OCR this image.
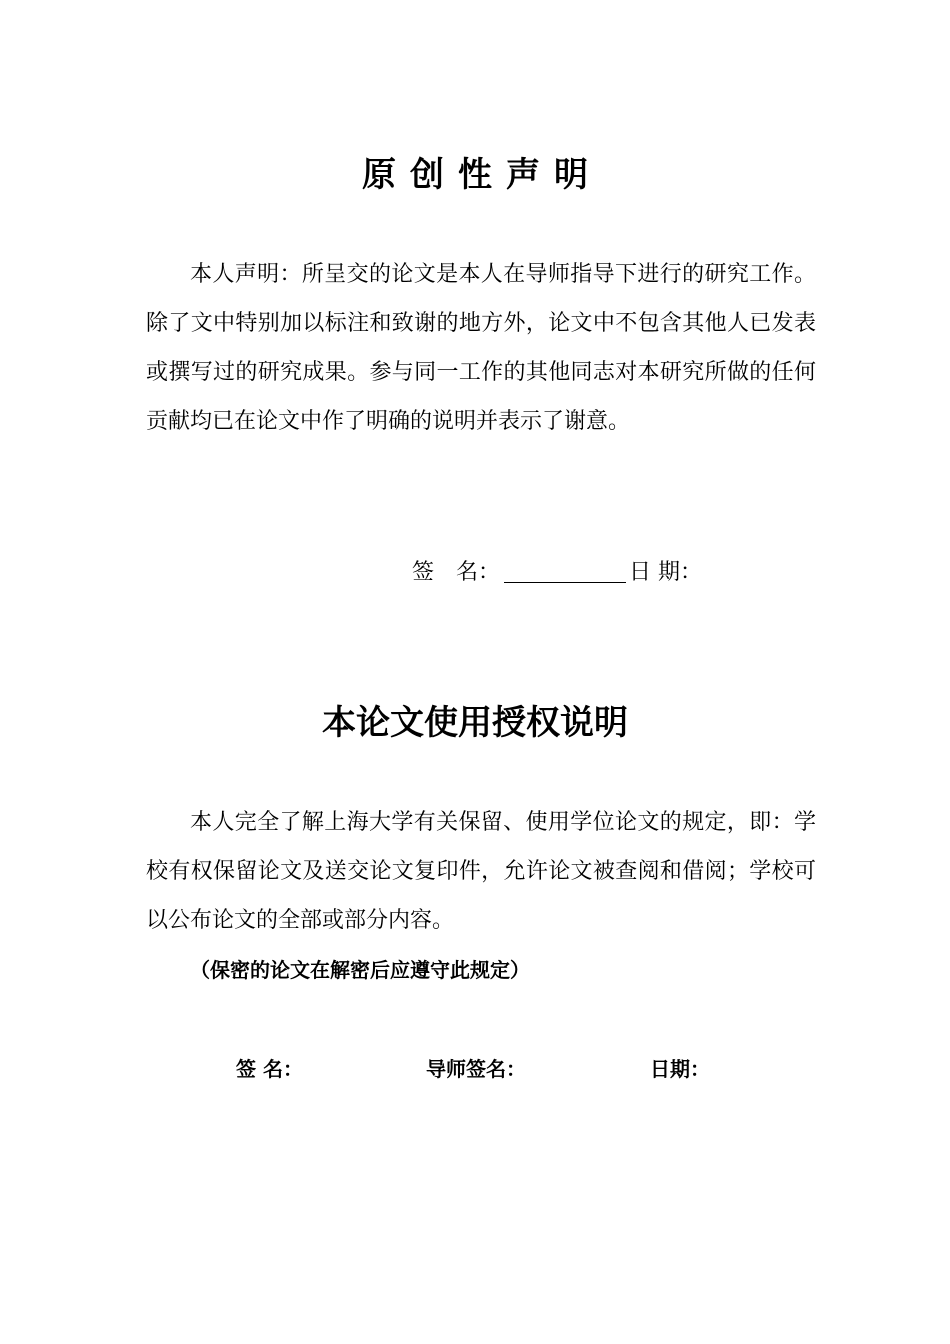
原创性声明

本人声明：所呈交的论文是本人在导师指导下进行的研究工作。除了文中特别加以标注和致谢的地方外，论文中不包含其他人已发表或撰写过的研究成果。参与同一工作的其他同志对本研究所做的任何贡献均已在论文中作了明确的说明并表示了谢意。

签 名：	日 期：
本论文使用授权说明

本人完全了解上海大学有关保留、使用学位论文的规定，即：学校有权保留论文及送交论文复印件，允许论文被查阅和借阅；学校可以公布论文的全部或部分内容。

（保密的论文在解密后应遵守此规定）
签 名：	导师签名：	日期：
